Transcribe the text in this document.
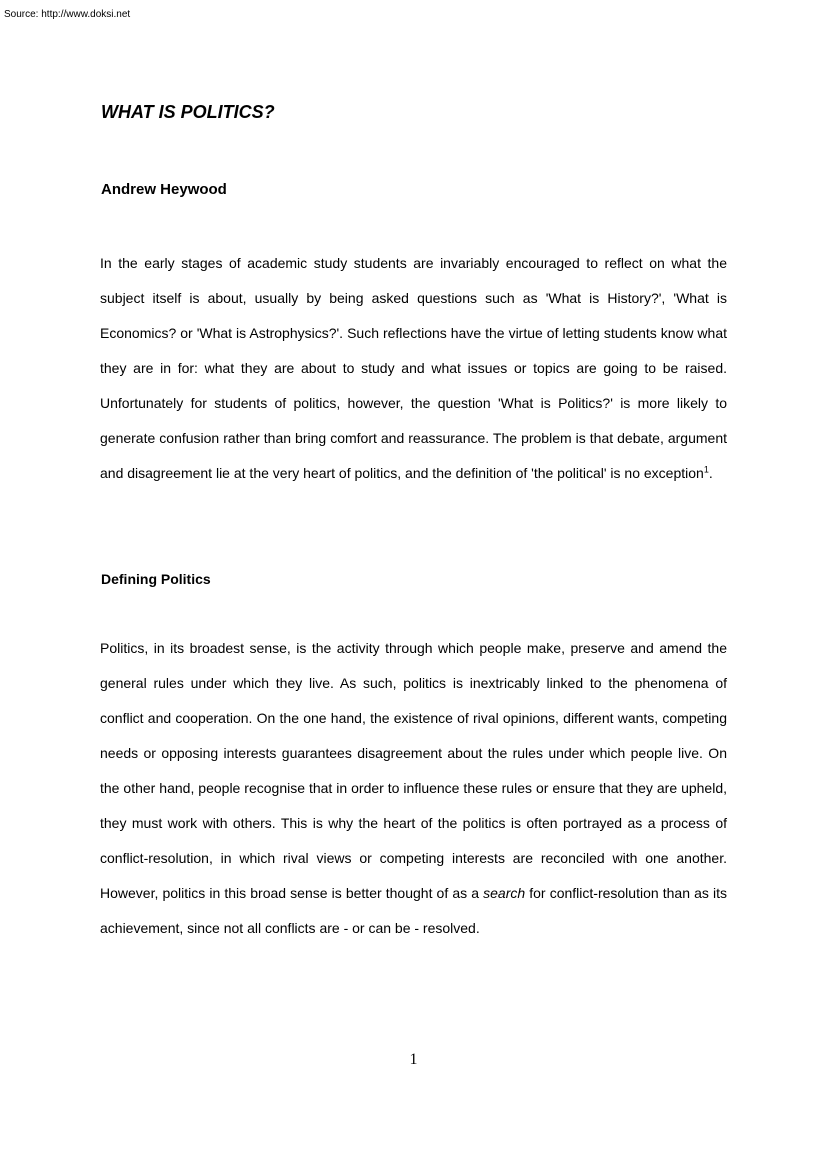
Source: http://www.doksi.net
WHAT IS POLITICS?
Andrew Heywood

In the early stages of academic study students are invariably encouraged to reflect on what the subject itself is about, usually by being asked questions such as 'What is History?', 'What is Economics? or 'What is Astrophysics?'. Such reflections have the virtue of letting students know what they are in for: what they are about to study and what issues or topics are going to be raised. Unfortunately for students of politics, however, the question 'What is Politics?' is more likely to generate confusion rather than bring comfort and reassurance. The problem is that debate, argument and disagreement lie at the very heart of politics, and the definition of 'the political' is no exception$^1$.

Defining Politics

Politics, in its broadest sense, is the activity through which people make, preserve and amend the general rules under which they live. As such, politics is inextricably linked to the phenomena of conflict and cooperation. On the one hand, the existence of rival opinions, different wants, competing needs or opposing interests guarantees disagreement about the rules under which people live. On the other hand, people recognise that in order to influence these rules or ensure that they are upheld, they must work with others. This is why the heart of the politics is often portrayed as a process of conflict-resolution, in which rival views or competing interests are reconciled with one another. However, politics in this broad sense is better thought of as a search for conflict-resolution than as its achievement, since not all conflicts are - or can be - resolved.

1
